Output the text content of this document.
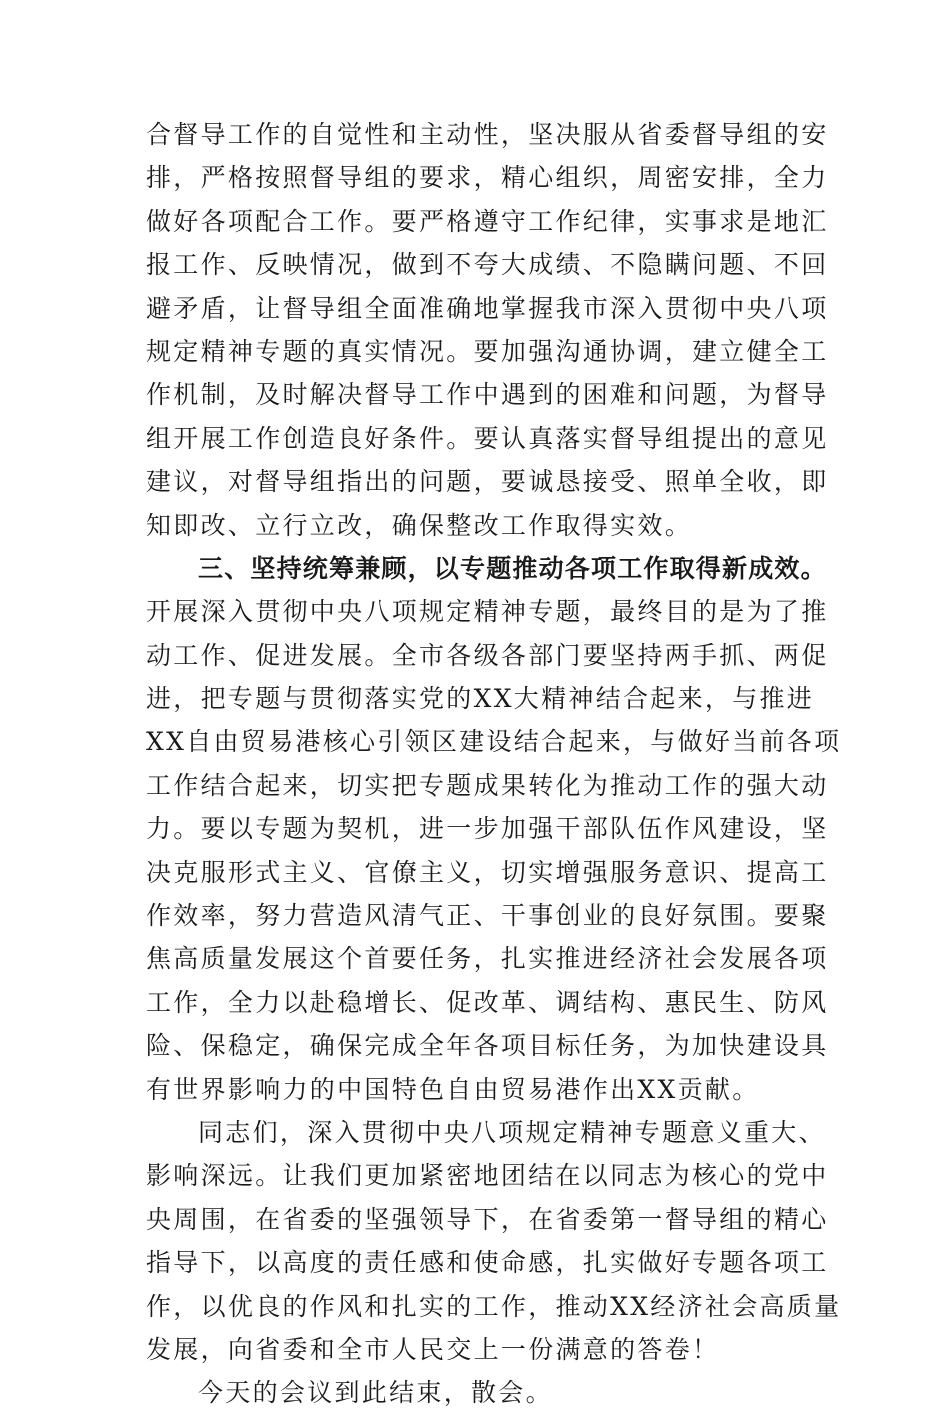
合督导工作的自觉性和主动性，坚决服从省委督导组的安
排，严格按照督导组的要求，精心组织，周密安排，全力
做好各项配合工作。要严格遵守工作纪律，实事求是地汇
报工作、反映情况，做到不夸大成绩、不隐瞒问题、不回
避矛盾，让督导组全面准确地掌握我市深入贯彻中央八项
规定精神专题的真实情况。要加强沟通协调，建立健全工
作机制，及时解决督导工作中遇到的困难和问题，为督导
组开展工作创造良好条件。要认真落实督导组提出的意见
建议，对督导组指出的问题，要诚恳接受、照单全收，即
知即改、立行立改，确保整改工作取得实效。
三、坚持统筹兼顾，以专题推动各项工作取得新成效。
开展深入贯彻中央八项规定精神专题，最终目的是为了推
动工作、促进发展。全市各级各部门要坚持两手抓、两促
进，把专题与贯彻落实党的XX大精神结合起来，与推进
XX自由贸易港核心引领区建设结合起来，与做好当前各项
工作结合起来，切实把专题成果转化为推动工作的强大动
力。要以专题为契机，进一步加强干部队伍作风建设，坚
决克服形式主义、官僚主义，切实增强服务意识、提高工
作效率，努力营造风清气正、干事创业的良好氛围。要聚
焦高质量发展这个首要任务，扎实推进经济社会发展各项
工作，全力以赴稳增长、促改革、调结构、惠民生、防风
险、保稳定，确保完成全年各项目标任务，为加快建设具
有世界影响力的中国特色自由贸易港作出XX贡献。
同志们，深入贯彻中央八项规定精神专题意义重大、
影响深远。让我们更加紧密地团结在以同志为核心的党中
央周围，在省委的坚强领导下，在省委第一督导组的精心
指导下，以高度的责任感和使命感，扎实做好专题各项工
作，以优良的作风和扎实的工作，推动XX经济社会高质量
发展，向省委和全市人民交上一份满意的答卷！
今天的会议到此结束，散会。
